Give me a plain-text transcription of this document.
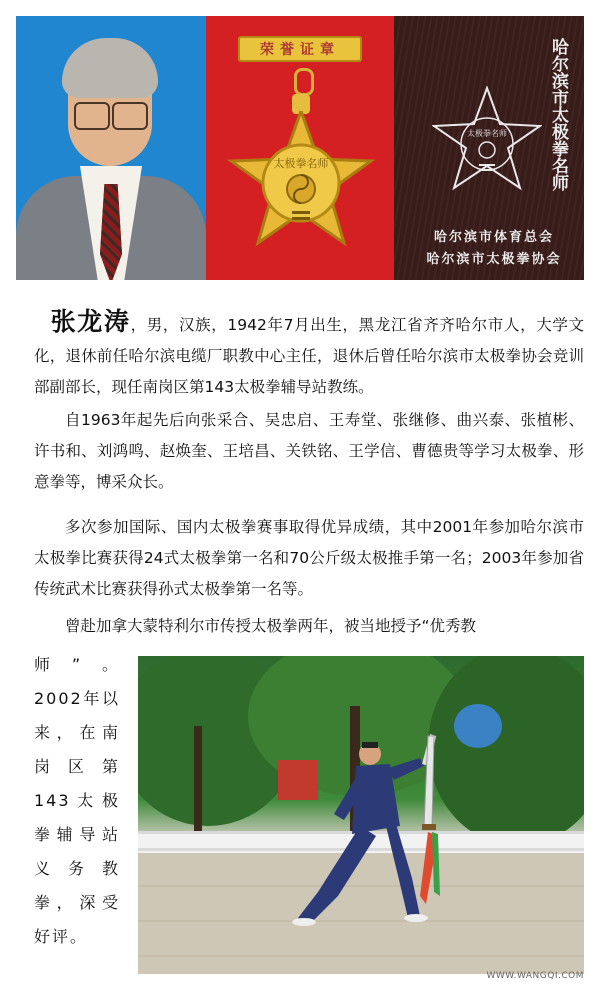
荣誉证章
太极拳名师	哈尔滨市太极拳名师
太极拳名师
哈尔滨市体育总会
哈尔滨市太极拳协会

张龙涛，男，汉族，1942年7月出生，黑龙江省齐齐哈尔市人，大学文化，退休前任哈尔滨电缆厂职教中心主任，退休后曾任哈尔滨市太极拳协会竞训部副部长，现任南岗区第143太极拳辅导站教练。

自1963年起先后向张采合、吴忠启、王寿堂、张继修、曲兴泰、张植彬、许书和、刘鸿鸣、赵焕奎、王培昌、关铁铭、王学信、曹德贵等学习太极拳、形意拳等，博采众长。

多次参加国际、国内太极拳赛事取得优异成绩，其中2001年参加哈尔滨市太极拳比赛获得24式太极拳第一名和70公斤级太极推手第一名；2003年参加省传统武术比赛获得孙式太极拳第一名等。

曾赴加拿大蒙特利尔市传授太极拳两年，被当地授予“优秀教

师”。2002年以来，在南岗区第143太极拳辅导站义务教拳，深受好评。

WWW.WANGQI.COM
